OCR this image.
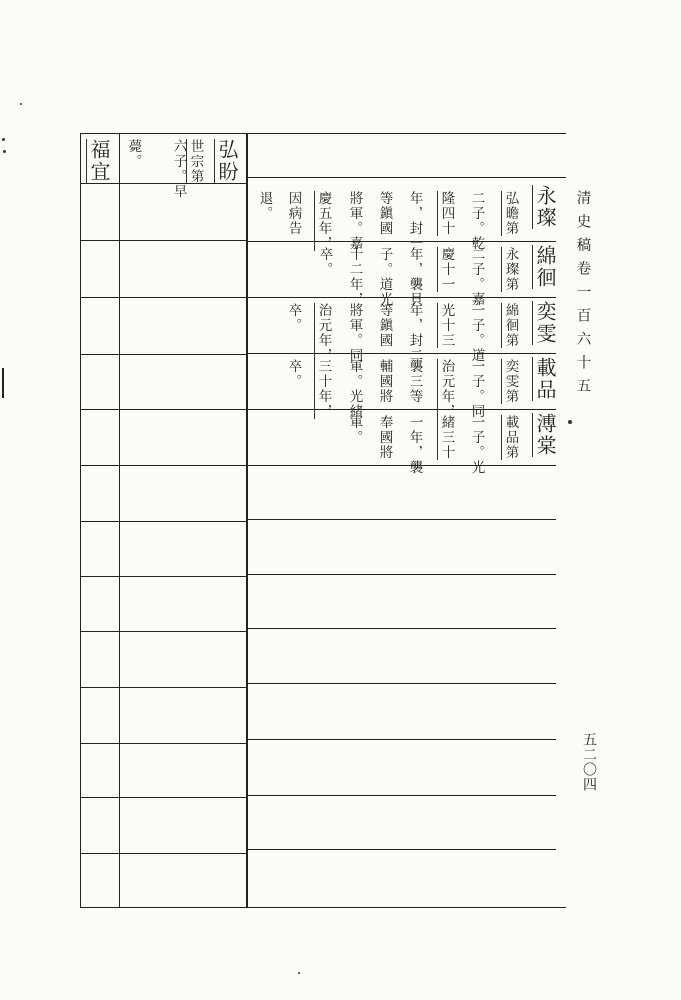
清史稿卷一百六十五
五二〇四
福宜	弘盼
世宗第
六子。早
薨。
永璨
弘曕第
二子。乾
隆四十
年，封一
等鎭國
將軍。嘉
慶五年，
因病告
退。
綿徊
永璨第
二子。嘉
慶十一
年，襲貝
子。道光
十二年，
卒。
奕雯
綿徊第
一子。道
光十三
年，封二
等鎭國
將軍。同
治元年，
卒。
載品
奕雯第
一子。同
治元年，
襲三等
輔國將
軍。光緒
三十年，
卒。
溥棠
載品第
一子。光
緒三十
一年，襲
奉國將
軍。
